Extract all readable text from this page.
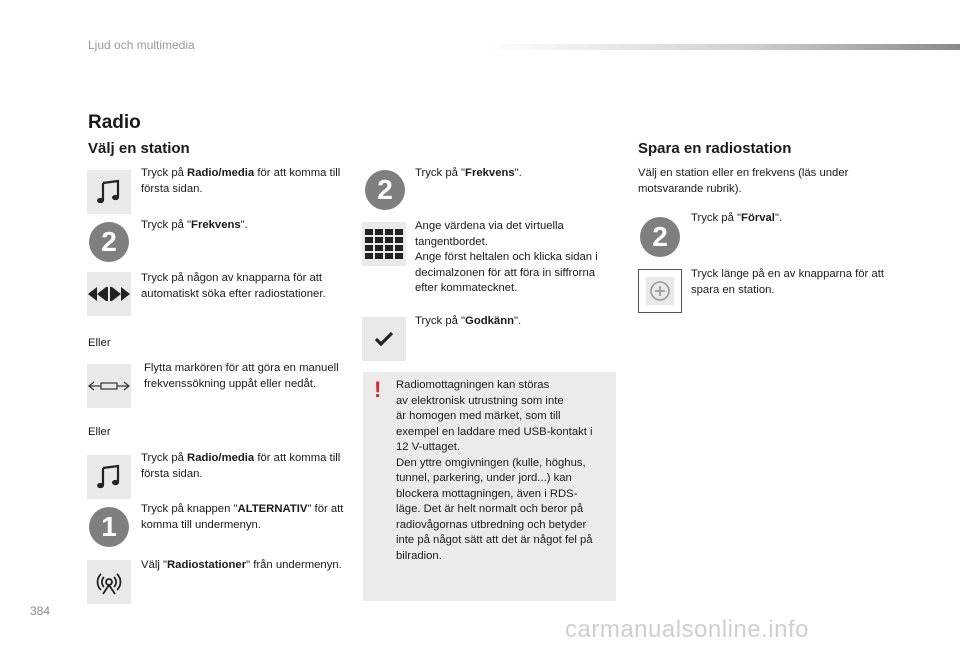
Ljud och multimedia
Radio
Välj en station
Tryck på Radio/media för att komma till första sidan.
2
Tryck på "Frekvens".
Tryck på någon av knapparna för att automatiskt söka efter radiostationer.
Eller
Flytta markören för att göra en manuell frekvenssökning uppåt eller nedåt.
Eller
Tryck på Radio/media för att komma till första sidan.
1
Tryck på knappen "ALTERNATIV" för att komma till undermenyn.
Välj "Radiostationer" från undermenyn.
2
Tryck på "Frekvens".
Ange värdena via det virtuella
tangentbordet.
Ange först heltalen och klicka sidan i
decimalzonen för att föra in siffrorna
efter kommatecknet.
Tryck på "Godkänn".
! Radiomottagningen kan störas
av elektronisk utrustning som inte
är homogen med märket, som till
exempel en laddare med USB-kontakt i
12 V-uttaget.
Den yttre omgivningen (kulle, höghus,
tunnel, parkering, under jord...) kan
blockera mottagningen, även i RDS-
läge. Det är helt normalt och beror på
radiovågornas utbredning och betyder
inte på något sätt att det är något fel på
bilradion.
Spara en radiostation
Välj en station eller en frekvens (läs under motsvarande rubrik).
2
Tryck på "Förval".
Tryck länge på en av knapparna för att spara en station.
384
carmanualsonline.info
